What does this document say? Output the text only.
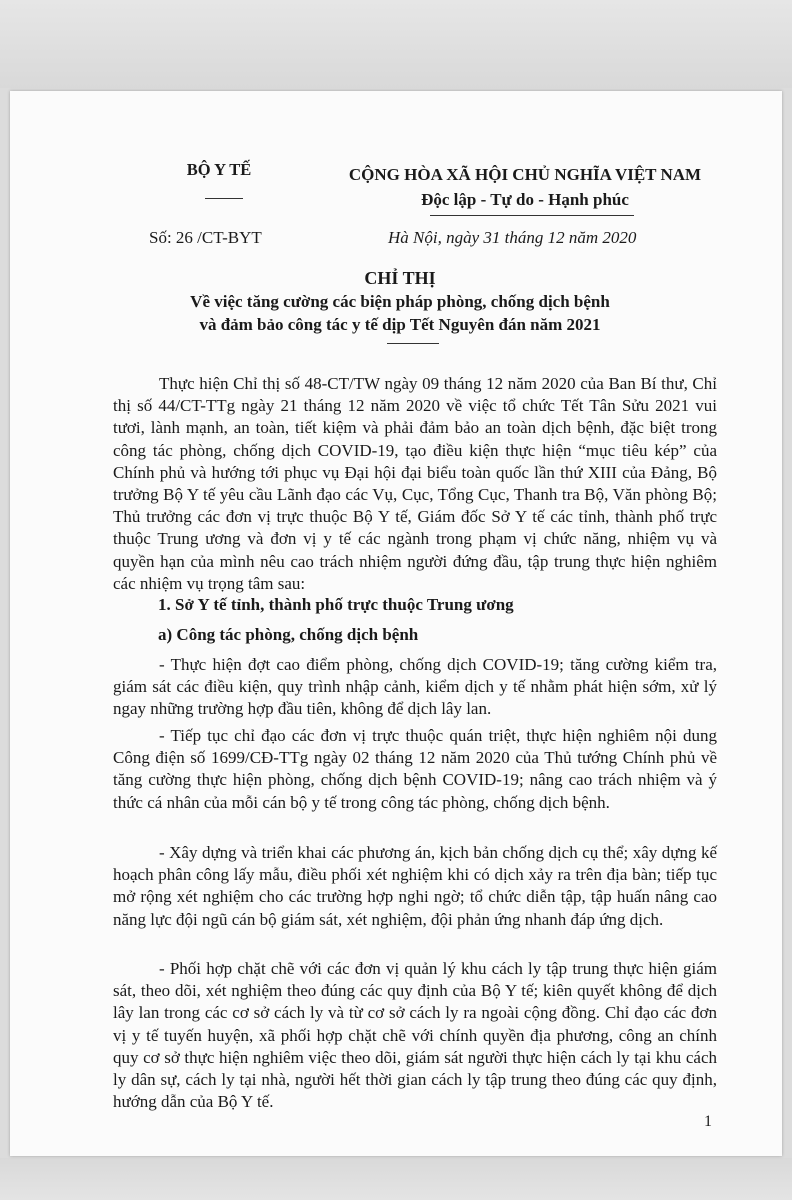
BỘ Y TẾ	CỘNG HÒA XÃ HỘI CHỦ NGHĨA VIỆT NAM
Độc lập - Tự do - Hạnh phúc
Số: 26 /CT-BYT	Hà Nội, ngày 31 tháng 12 năm 2020
CHỈ THỊ
Về việc tăng cường các biện pháp phòng, chống dịch bệnh
và đảm bảo công tác y tế dịp Tết Nguyên đán năm 2021

Thực hiện Chỉ thị số 48-CT/TW ngày 09 tháng 12 năm 2020 của Ban Bí thư, Chỉ thị số 44/CT-TTg ngày 21 tháng 12 năm 2020 về việc tổ chức Tết Tân Sửu 2021 vui tươi, lành mạnh, an toàn, tiết kiệm và phải đảm bảo an toàn dịch bệnh, đặc biệt trong công tác phòng, chống dịch COVID-19, tạo điều kiện thực hiện “mục tiêu kép” của Chính phủ và hướng tới phục vụ Đại hội đại biểu toàn quốc lần thứ XIII của Đảng, Bộ trưởng Bộ Y tế yêu cầu Lãnh đạo các Vụ, Cục, Tổng Cục, Thanh tra Bộ, Văn phòng Bộ; Thủ trưởng các đơn vị trực thuộc Bộ Y tế, Giám đốc Sở Y tế các tỉnh, thành phố trực thuộc Trung ương và đơn vị y tế các ngành trong phạm vị chức năng, nhiệm vụ và quyền hạn của mình nêu cao trách nhiệm người đứng đầu, tập trung thực hiện nghiêm các nhiệm vụ trọng tâm sau:

1. Sở Y tế tỉnh, thành phố trực thuộc Trung ương
a) Công tác phòng, chống dịch bệnh

- Thực hiện đợt cao điểm phòng, chống dịch COVID-19; tăng cường kiểm tra, giám sát các điều kiện, quy trình nhập cảnh, kiểm dịch y tế nhằm phát hiện sớm, xử lý ngay những trường hợp đầu tiên, không để dịch lây lan.

- Tiếp tục chỉ đạo các đơn vị trực thuộc quán triệt, thực hiện nghiêm nội dung Công điện số 1699/CĐ-TTg ngày 02 tháng 12 năm 2020 của Thủ tướng Chính phủ về tăng cường thực hiện phòng, chống dịch bệnh COVID-19; nâng cao trách nhiệm và ý thức cá nhân của mỗi cán bộ y tế trong công tác phòng, chống dịch bệnh.

- Xây dựng và triển khai các phương án, kịch bản chống dịch cụ thể; xây dựng kế hoạch phân công lấy mẫu, điều phối xét nghiệm khi có dịch xảy ra trên địa bàn; tiếp tục mở rộng xét nghiệm cho các trường hợp nghi ngờ; tổ chức diễn tập, tập huấn nâng cao năng lực đội ngũ cán bộ giám sát, xét nghiệm, đội phản ứng nhanh đáp ứng dịch.

- Phối hợp chặt chẽ với các đơn vị quản lý khu cách ly tập trung thực hiện giám sát, theo dõi, xét nghiệm theo đúng các quy định của Bộ Y tế; kiên quyết không để dịch lây lan trong các cơ sở cách ly và từ cơ sở cách ly ra ngoài cộng đồng. Chỉ đạo các đơn vị y tế tuyến huyện, xã phối hợp chặt chẽ với chính quyền địa phương, công an chính quy cơ sở thực hiện nghiêm việc theo dõi, giám sát người thực hiện cách ly tại khu cách ly dân sự, cách ly tại nhà, người hết thời gian cách ly tập trung theo đúng các quy định, hướng dẫn của Bộ Y tế.

1
